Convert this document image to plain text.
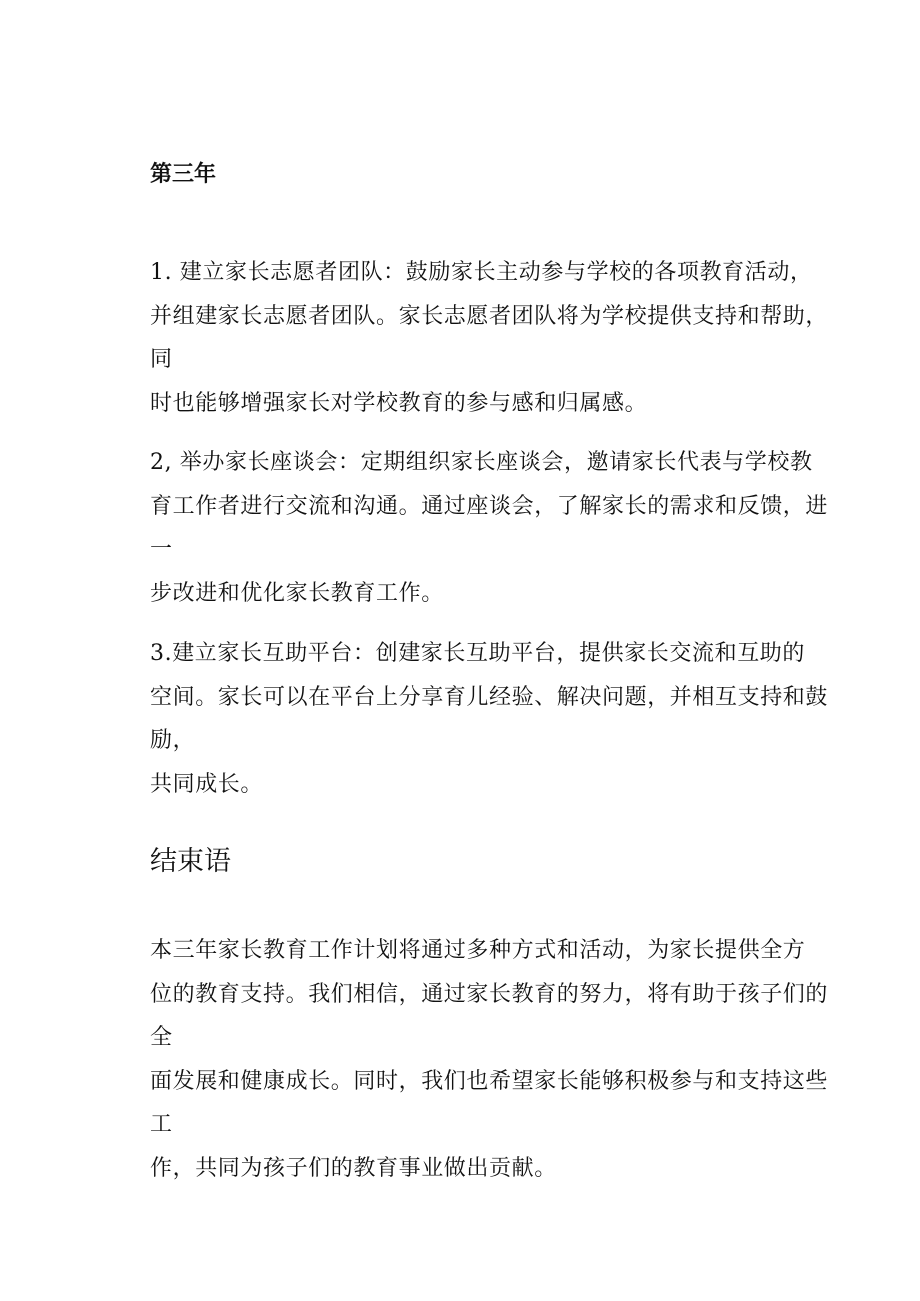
第三年
1. 建立家长志愿者团队：鼓励家长主动参与学校的各项教育活动，
并组建家长志愿者团队。家长志愿者团队将为学校提供支持和帮助，同
时也能够增强家长对学校教育的参与感和归属感。
2, 举办家长座谈会：定期组织家长座谈会，邀请家长代表与学校教
育工作者进行交流和沟通。通过座谈会，了解家长的需求和反馈，进一
步改进和优化家长教育工作。
3.建立家长互助平台：创建家长互助平台，提供家长交流和互助的
空间。家长可以在平台上分享育儿经验、解决问题，并相互支持和鼓励，
共同成长。
结束语
本三年家长教育工作计划将通过多种方式和活动，为家长提供全方
位的教育支持。我们相信，通过家长教育的努力，将有助于孩子们的全
面发展和健康成长。同时，我们也希望家长能够积极参与和支持这些工
作，共同为孩子们的教育事业做出贡献。
